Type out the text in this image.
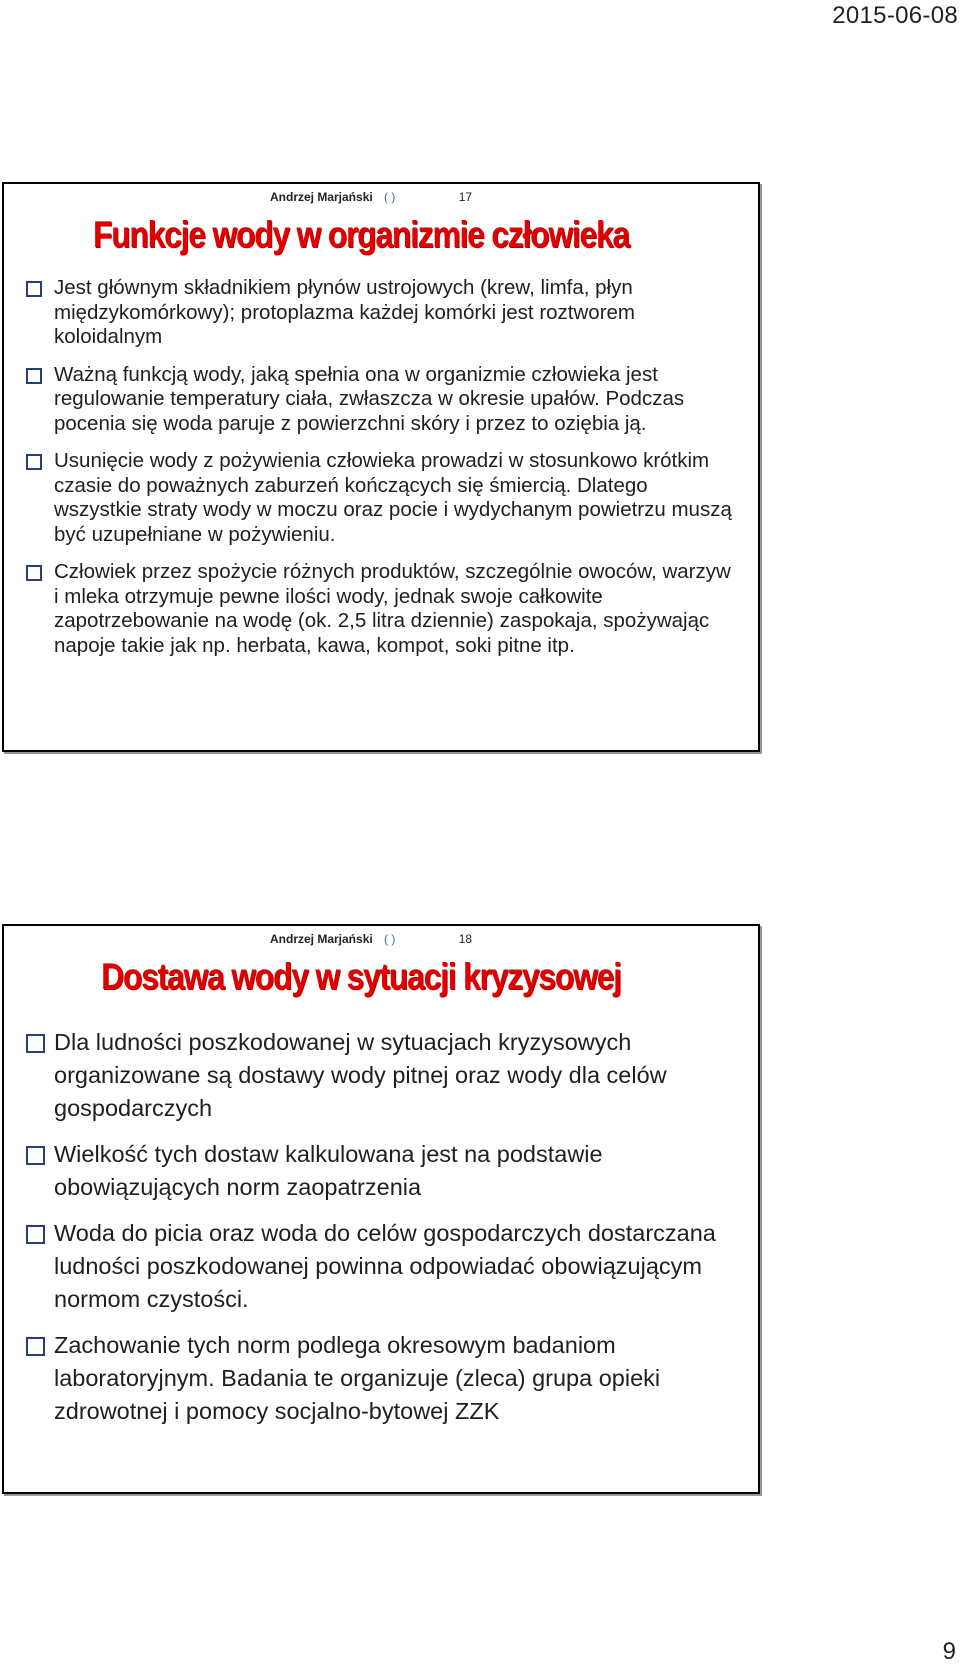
2015-06-08
Andrzej Marjański ( )	17
Funkcje wody w organizmie człowieka
Jest głównym składnikiem płynów ustrojowych (krew, limfa, płyn międzykomórkowy); protoplazma każdej komórki jest roztworem koloidalnym
Ważną funkcją wody, jaką spełnia ona w organizmie człowieka jest regulowanie temperatury ciała, zwłaszcza w okresie upałów. Podczas pocenia się woda paruje z powierzchni skóry i przez to oziębia ją.
Usunięcie wody z pożywienia człowieka prowadzi w stosunkowo krótkim czasie do poważnych zaburzeń kończących się śmiercią. Dlatego wszystkie straty wody w moczu oraz pocie i wydychanym powietrzu muszą być uzupełniane w pożywieniu.
Człowiek przez spożycie różnych produktów, szczególnie owoców, warzyw i mleka otrzymuje pewne ilości wody, jednak swoje całkowite zapotrzebowanie na wodę (ok. 2,5 litra dziennie) zaspokaja, spożywając napoje takie jak np. herbata, kawa, kompot, soki pitne itp.
Andrzej Marjański ( )	18
Dostawa wody w sytuacji kryzysowej
Dla ludności poszkodowanej w sytuacjach kryzysowych organizowane są dostawy wody pitnej oraz wody dla celów gospodarczych
Wielkość tych dostaw kalkulowana jest na podstawie obowiązujących norm zaopatrzenia
Woda do picia oraz woda do celów gospodarczych dostarczana ludności poszkodowanej powinna odpowiadać obowiązującym normom czystości.
Zachowanie tych norm podlega okresowym badaniom laboratoryjnym. Badania te organizuje (zleca) grupa opieki zdrowotnej i pomocy socjalno-bytowej ZZK
9
